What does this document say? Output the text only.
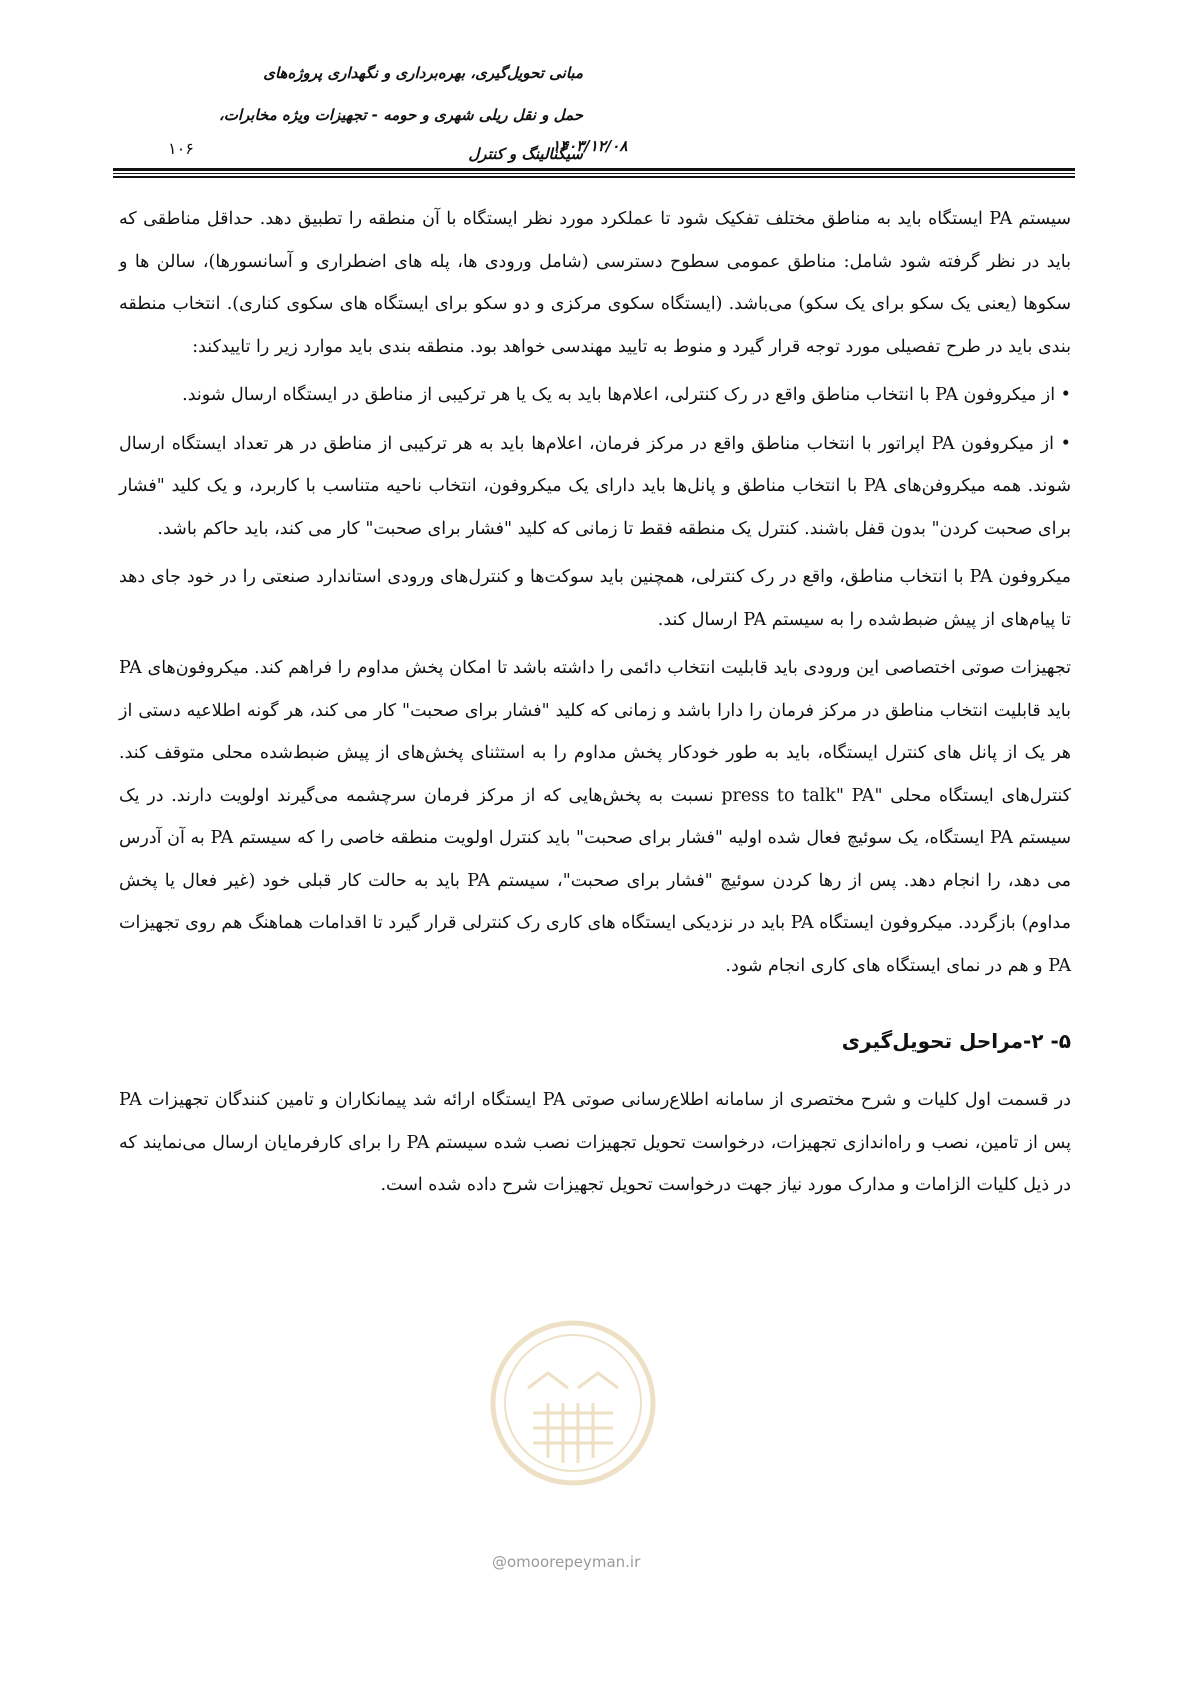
مبانی تحویل‌گیری، بهره‌برداری و نگهداری پروژه‌های
حمل و نقل ریلی شهری و حومه - تجهیزات ویژه مخابرات،
سیگنالینگ و کنترل
۱۴۰۳/۱۲/۰۸
۱۰۶

سیستم PA ایستگاه باید به مناطق مختلف تفکیک شود تا عملکرد مورد نظر ایستگاه با آن منطقه را تطبیق دهد. حداقل مناطقی که باید در نظر گرفته شود شامل: مناطق عمومی سطوح دسترسی (شامل ورودی ها، پله های اضطراری و آسانسورها)، سالن ها و سکوها (یعنی یک سکو برای یک سکو) می‌باشد. (ایستگاه سکوی مرکزی و دو سکو برای ایستگاه های سکوی کناری). انتخاب منطقه بندی باید در طرح تفصیلی مورد توجه قرار گیرد و منوط به تایید مهندسی خواهد بود. منطقه بندی باید موارد زیر را تاییدکند:

• از میکروفون PA با انتخاب مناطق واقع در رک کنترلی، اعلام‌ها باید به یک یا هر ترکیبی از مناطق در ایستگاه ارسال شوند.

• از میکروفون PA اپراتور با انتخاب مناطق واقع در مرکز فرمان، اعلام‌ها باید به هر ترکیبی از مناطق در هر تعداد ایستگاه ارسال شوند. همه میکروفن‌های PA با انتخاب مناطق و پانل‌ها باید دارای یک میکروفون، انتخاب ناحیه متناسب با کاربرد، و یک کلید "فشار برای صحبت کردن" بدون قفل باشند. کنترل یک منطقه فقط تا زمانی که کلید "فشار برای صحبت" کار می کند، باید حاکم باشد.

میکروفون PA با انتخاب مناطق، واقع در رک کنترلی، همچنین باید سوکت‌ها و کنترل‌های ورودی استاندارد صنعتی را در خود جای دهد تا پیام‌های از پیش ضبط‌شده را به سیستم PA ارسال کند.

تجهیزات صوتی اختصاصی این ورودی باید قابلیت انتخاب دائمی را داشته باشد تا امکان پخش مداوم را فراهم کند. میکروفون‌های PA باید قابلیت انتخاب مناطق در مرکز فرمان را دارا باشد و زمانی که کلید "فشار برای صحبت" کار می کند، هر گونه اطلاعیه دستی از هر یک از پانل های کنترل ایستگاه، باید به طور خودکار پخش مداوم را به استثنای پخش‌های از پیش ضبط‌شده محلی متوقف کند. کنترل‌های ایستگاه محلی "press to talk" PA نسبت به پخش‌هایی که از مرکز فرمان سرچشمه می‌گیرند اولویت دارند. در یک سیستم PA ایستگاه، یک سوئیچ فعال شده اولیه "فشار برای صحبت" باید کنترل اولویت منطقه خاصی را که سیستم PA به آن آدرس می دهد، را انجام دهد. پس از رها کردن سوئیچ "فشار برای صحبت"، سیستم PA باید به حالت کار قبلی خود (غیر فعال یا پخش مداوم) بازگردد. میکروفون ایستگاه PA باید در نزدیکی ایستگاه های کاری رک کنترلی قرار گیرد تا اقدامات هماهنگ هم روی تجهیزات PA و هم در نمای ایستگاه های کاری انجام شود.

۵- ۲-مراحل تحویل‌گیری

در قسمت اول کلیات و شرح مختصری از سامانه اطلاع‌رسانی صوتی PA ایستگاه ارائه شد پیمانکاران و تامین کنندگان تجهیزات PA پس از تامین، نصب و راه‌اندازی تجهیزات، درخواست تحویل تجهیزات نصب شده سیستم PA را برای کارفرمایان ارسال می‌نمایند که در ذیل کلیات الزامات و مدارک مورد نیاز جهت درخواست تحویل تجهیزات شرح داده شده است.

@omoorepeyman.ir
